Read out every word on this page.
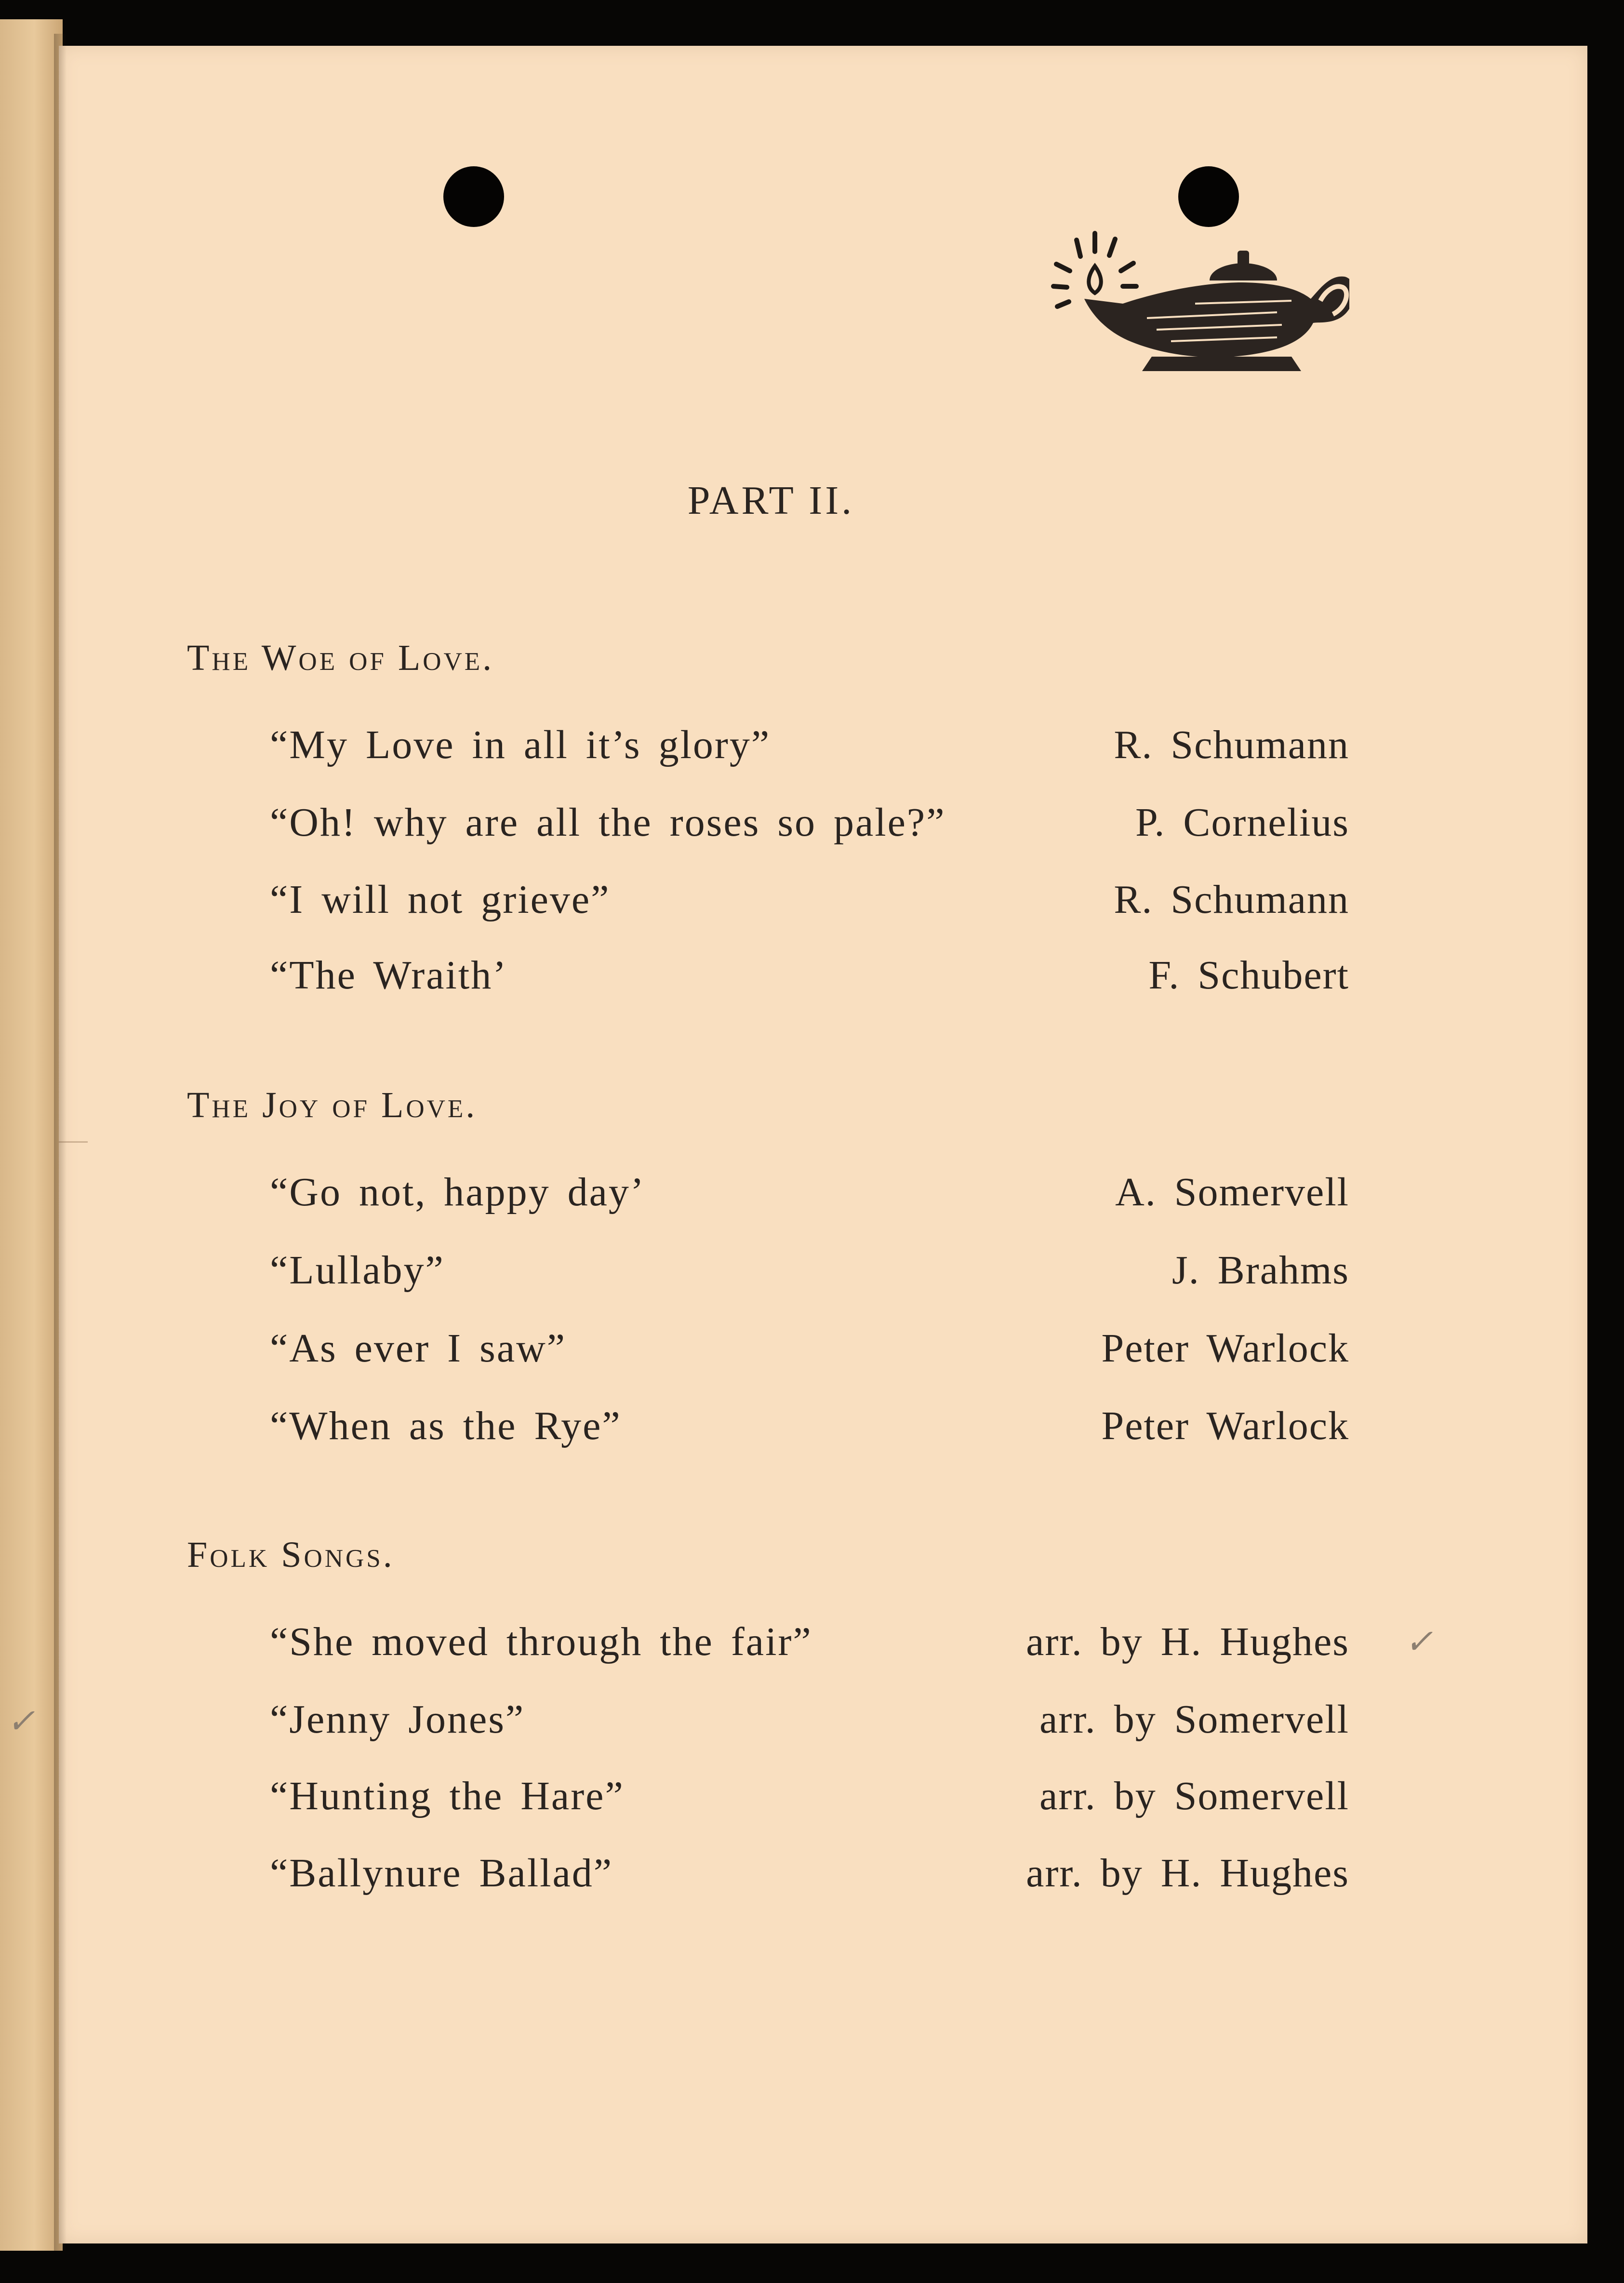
PART II.
The Woe of Love.
“My Love in all it’s glory”	R. Schumann
“Oh! why are all the roses so pale?”	P. Cornelius
“I will not grieve”	R. Schumann
“The Wraith’	F. Schubert
The Joy of Love.
“Go not, happy day’	A. Somervell
“Lullaby”	J. Brahms
“As ever I saw”	Peter Warlock
“When as the Rye”	Peter Warlock
Folk Songs.
“She moved through the fair”	arr. by H. Hughes
“Jenny Jones”	arr. by Somervell
“Hunting the Hare”	arr. by Somervell
“Ballynure Ballad”	arr. by H. Hughes
✓
✓
